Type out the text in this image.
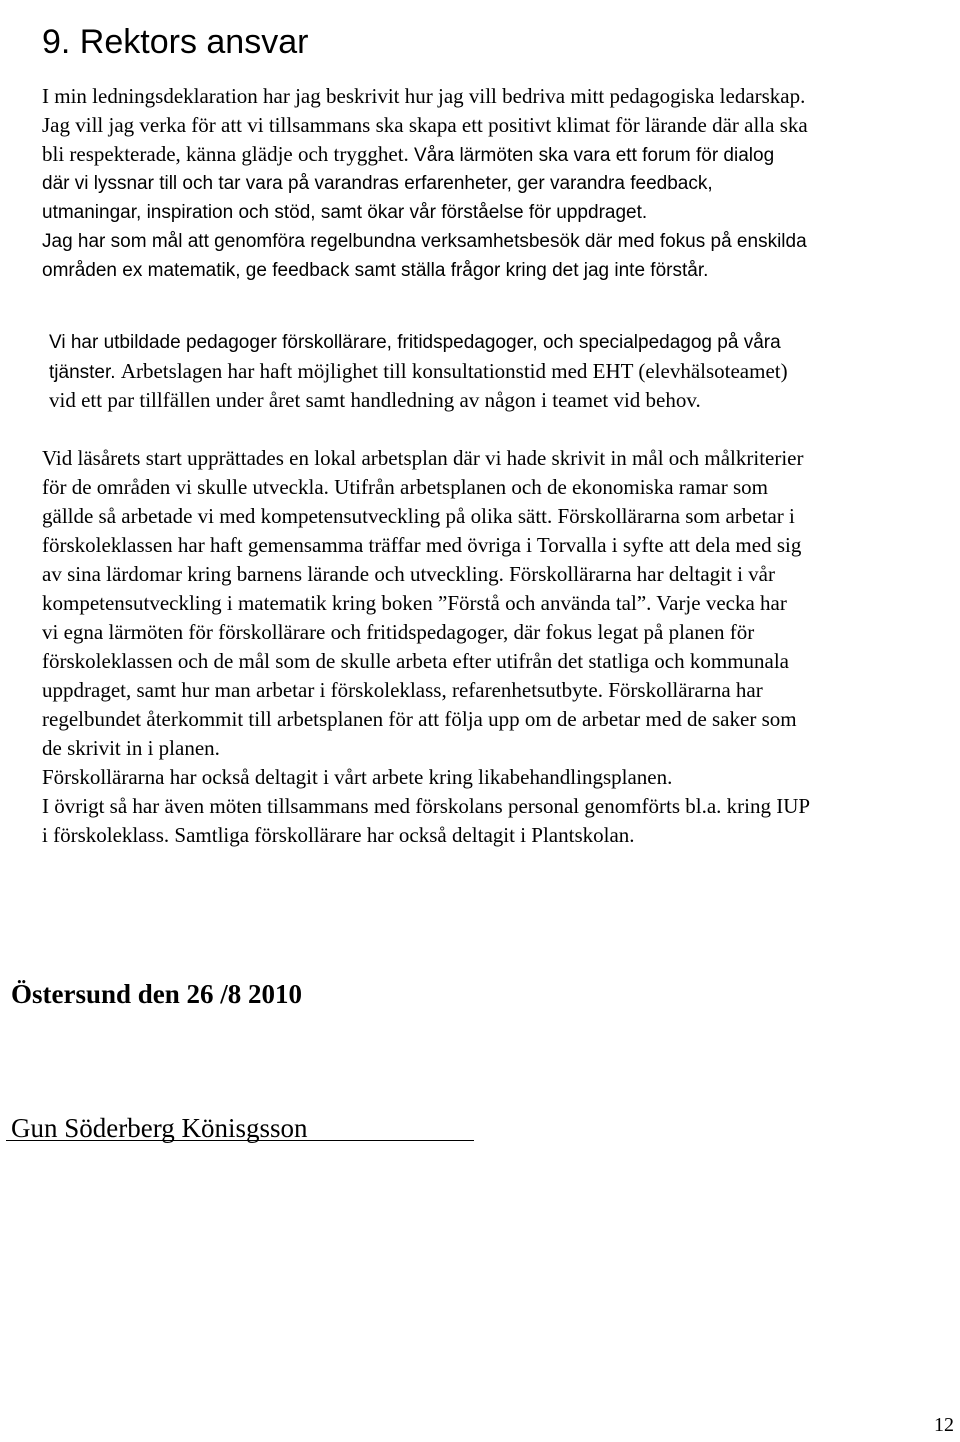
9. Rektors ansvar
I min ledningsdeklaration har jag beskrivit hur jag vill bedriva mitt pedagogiska ledarskap.
Jag vill jag verka för att vi tillsammans ska skapa ett positivt klimat för lärande där alla ska
bli respekterade, känna glädje och trygghet. Våra lärmöten ska vara ett forum för dialog
där vi lyssnar till och tar vara på varandras erfarenheter, ger varandra feedback,
utmaningar, inspiration och stöd, samt ökar vår förståelse för uppdraget.
Jag har som mål att genomföra regelbundna verksamhetsbesök där med fokus på enskilda
områden ex matematik, ge feedback samt ställa frågor kring det jag inte förstår.
Vi har utbildade pedagoger förskollärare, fritidspedagoger, och specialpedagog på våra
tjänster. Arbetslagen har haft möjlighet till konsultationstid med EHT (elevhälsoteamet)
vid ett par tillfällen under året samt handledning av någon i teamet vid behov.
Vid läsårets start upprättades en lokal arbetsplan där vi hade skrivit in mål och målkriterier
för de områden vi skulle utveckla. Utifrån arbetsplanen och de ekonomiska ramar som
gällde så arbetade vi med kompetensutveckling på olika sätt. Förskollärarna som arbetar i
förskoleklassen har haft gemensamma träffar med övriga i Torvalla i syfte att dela med sig
av sina lärdomar kring barnens lärande och utveckling. Förskollärarna har deltagit i vår
kompetensutveckling i matematik kring boken ”Förstå och använda tal”. Varje vecka har
vi egna lärmöten för förskollärare och fritidspedagoger, där fokus legat på planen för
förskoleklassen och de mål som de skulle arbeta efter utifrån det statliga och kommunala
uppdraget, samt hur man arbetar i förskoleklass, refarenhetsutbyte. Förskollärarna har
regelbundet återkommit till arbetsplanen för att följa upp om de arbetar med de saker som
de skrivit in i planen.
Förskollärarna har också deltagit i vårt arbete kring likabehandlingsplanen.
I övrigt så har även möten tillsammans med förskolans personal genomförts bl.a. kring IUP
i förskoleklass. Samtliga förskollärare har också deltagit i Plantskolan.
Östersund den 26 /8 2010
Gun Söderberg Könisgsson
12
